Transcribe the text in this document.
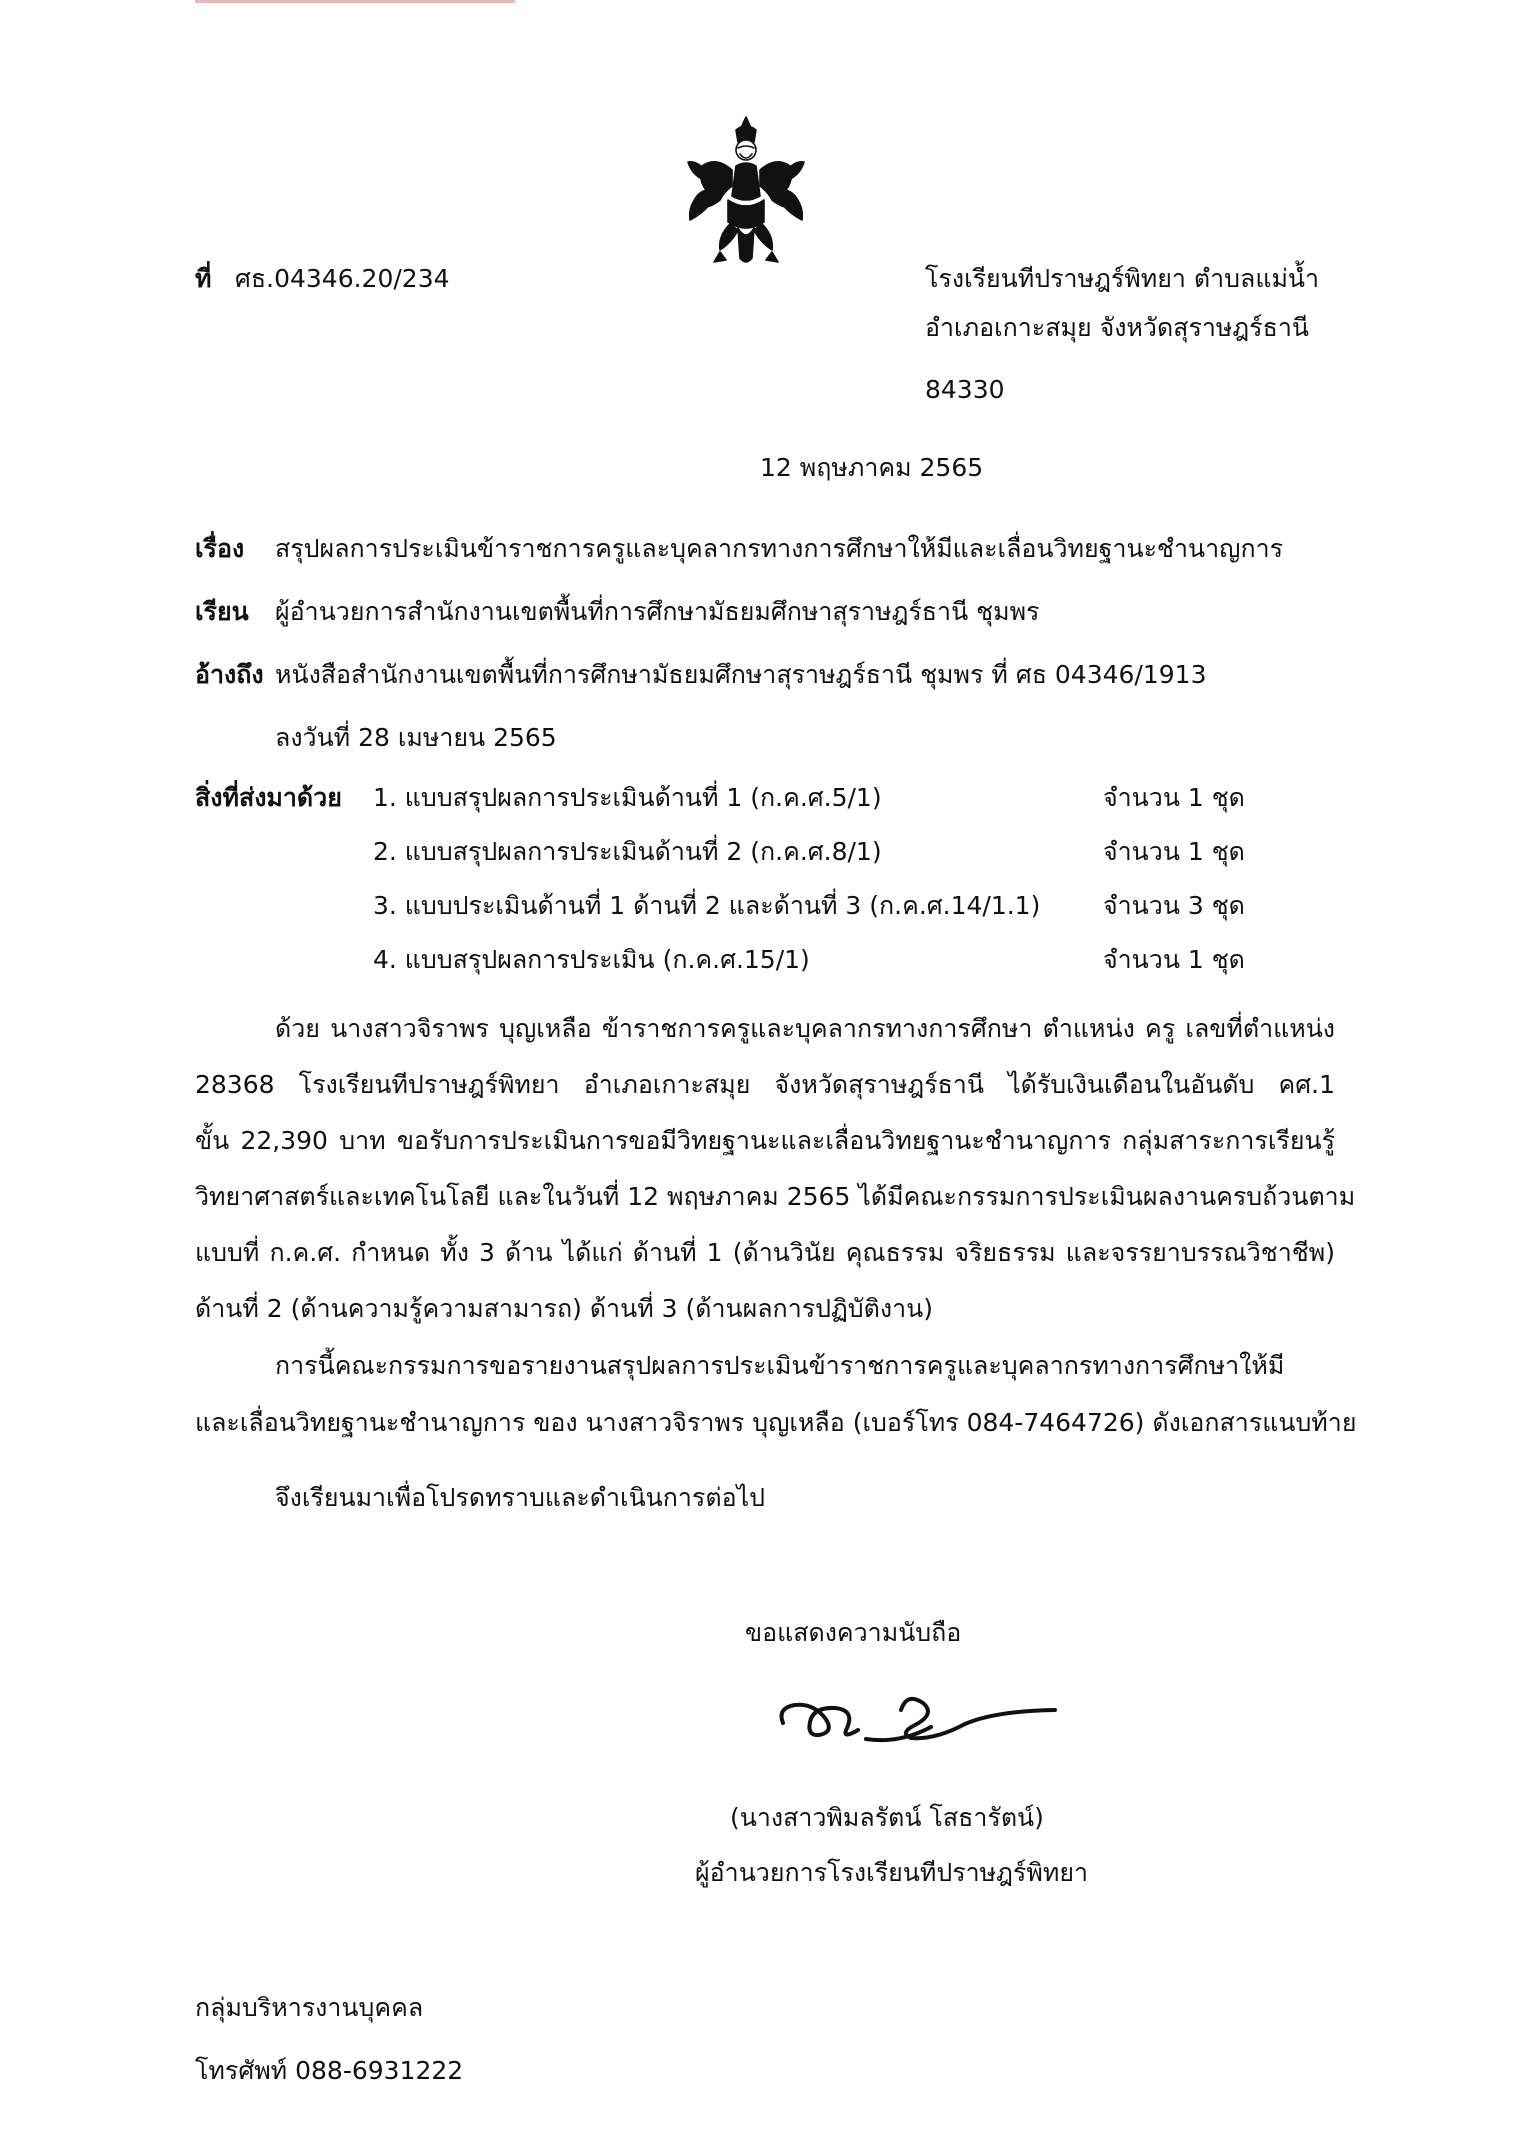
ที่ ศธ.04346.20/234	โรงเรียนทีปราษฎร์พิทยา ตำบลแม่น้ำ
อำเภอเกาะสมุย จังหวัดสุราษฎร์ธานี
84330
12 พฤษภาคม 2565
เรื่อง สรุปผลการประเมินข้าราชการครูและบุคลากรทางการศึกษาให้มีและเลื่อนวิทยฐานะชำนาญการ
เรียน ผู้อำนวยการสำนักงานเขตพื้นที่การศึกษามัธยมศึกษาสุราษฎร์ธานี ชุมพร
อ้างถึง หนังสือสำนักงานเขตพื้นที่การศึกษามัธยมศึกษาสุราษฎร์ธานี ชุมพร ที่ ศธ 04346/1913
ลงวันที่ 28 เมษายน 2565
สิ่งที่ส่งมาด้วย 1. แบบสรุปผลการประเมินด้านที่ 1 (ก.ค.ศ.5/1)	จำนวน 1 ชุด
2. แบบสรุปผลการประเมินด้านที่ 2 (ก.ค.ศ.8/1)	จำนวน 1 ชุด
3. แบบประเมินด้านที่ 1 ด้านที่ 2 และด้านที่ 3 (ก.ค.ศ.14/1.1)	จำนวน 3 ชุด
4. แบบสรุปผลการประเมิน (ก.ค.ศ.15/1)	จำนวน 1 ชุด
ด้วย นางสาวจิราพร บุญเหลือ ข้าราชการครูและบุคลากรทางการศึกษา ตำแหน่ง ครู เลขที่ตำแหน่ง
28368 โรงเรียนทีปราษฎร์พิทยา อำเภอเกาะสมุย จังหวัดสุราษฎร์ธานี ได้รับเงินเดือนในอันดับ คศ.1
ขั้น 22,390 บาท ขอรับการประเมินการขอมีวิทยฐานะและเลื่อนวิทยฐานะชำนาญการ กลุ่มสาระการเรียนรู้
วิทยาศาสตร์และเทคโนโลยี และในวันที่ 12 พฤษภาคม 2565 ได้มีคณะกรรมการประเมินผลงานครบถ้วนตาม
แบบที่ ก.ค.ศ. กำหนด ทั้ง 3 ด้าน ได้แก่ ด้านที่ 1 (ด้านวินัย คุณธรรม จริยธรรม และจรรยาบรรณวิชาชีพ)
ด้านที่ 2 (ด้านความรู้ความสามารถ) ด้านที่ 3 (ด้านผลการปฏิบัติงาน)
การนี้คณะกรรมการขอรายงานสรุปผลการประเมินข้าราชการครูและบุคลากรทางการศึกษาให้มี
และเลื่อนวิทยฐานะชำนาญการ ของ นางสาวจิราพร บุญเหลือ (เบอร์โทร 084-7464726) ดังเอกสารแนบท้าย
จึงเรียนมาเพื่อโปรดทราบและดำเนินการต่อไป
ขอแสดงความนับถือ
(นางสาวพิมลรัตน์ โสธารัตน์)
ผู้อำนวยการโรงเรียนทีปราษฎร์พิทยา
กลุ่มบริหารงานบุคคล
โทรศัพท์ 088-6931222
